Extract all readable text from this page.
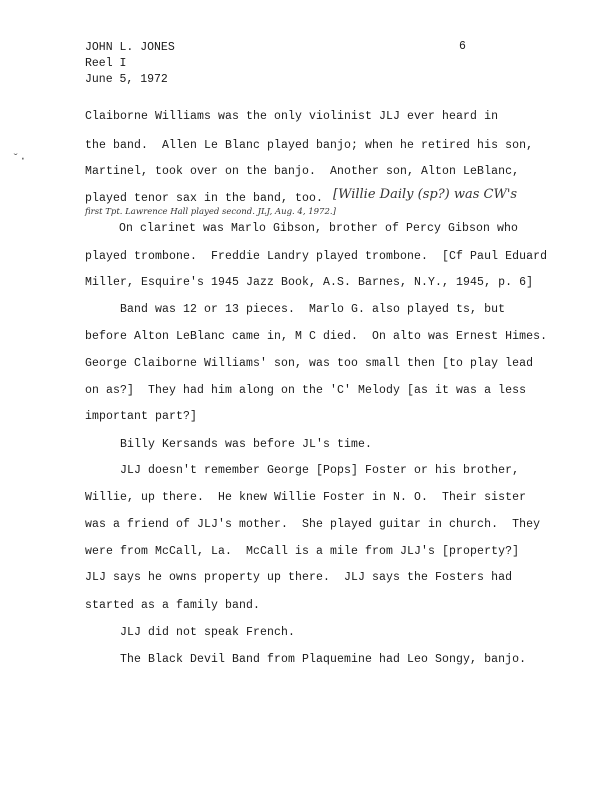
JOHN L. JONES
Reel I
June 5, 1972
6
ˇ·
Claiborne Williams was the only violinist JLJ ever heard in
the band.  Allen Le Blanc played banjo; when he retired his son,
Martinel, took over on the banjo.  Another son, Alton LeBlanc,
played tenor sax in the band, too. [Willie Daily (sp?) was CW's
first Tpt. Lawrence Hall played second. JLJ, Aug. 4, 1972.]
On clarinet was Marlo Gibson, brother of Percy Gibson who
played trombone.  Freddie Landry played trombone.  [Cf Paul Eduard
Miller, Esquire's 1945 Jazz Book, A.S. Barnes, N.Y., 1945, p. 6]
Band was 12 or 13 pieces.  Marlo G. also played ts, but
before Alton LeBlanc came in, M C died.  On alto was Ernest Himes.
George Claiborne Williams' son, was too small then [to play lead
on as?]  They had him along on the 'C' Melody [as it was a less
important part?]
Billy Kersands was before JL's time.
JLJ doesn't remember George [Pops] Foster or his brother,
Willie, up there.  He knew Willie Foster in N. O.  Their sister
was a friend of JLJ's mother.  She played guitar in church.  They
were from McCall, La.  McCall is a mile from JLJ's [property?]
JLJ says he owns property up there.  JLJ says the Fosters had
started as a family band.
JLJ did not speak French.
The Black Devil Band from Plaquemine had Leo Songy, banjo.
